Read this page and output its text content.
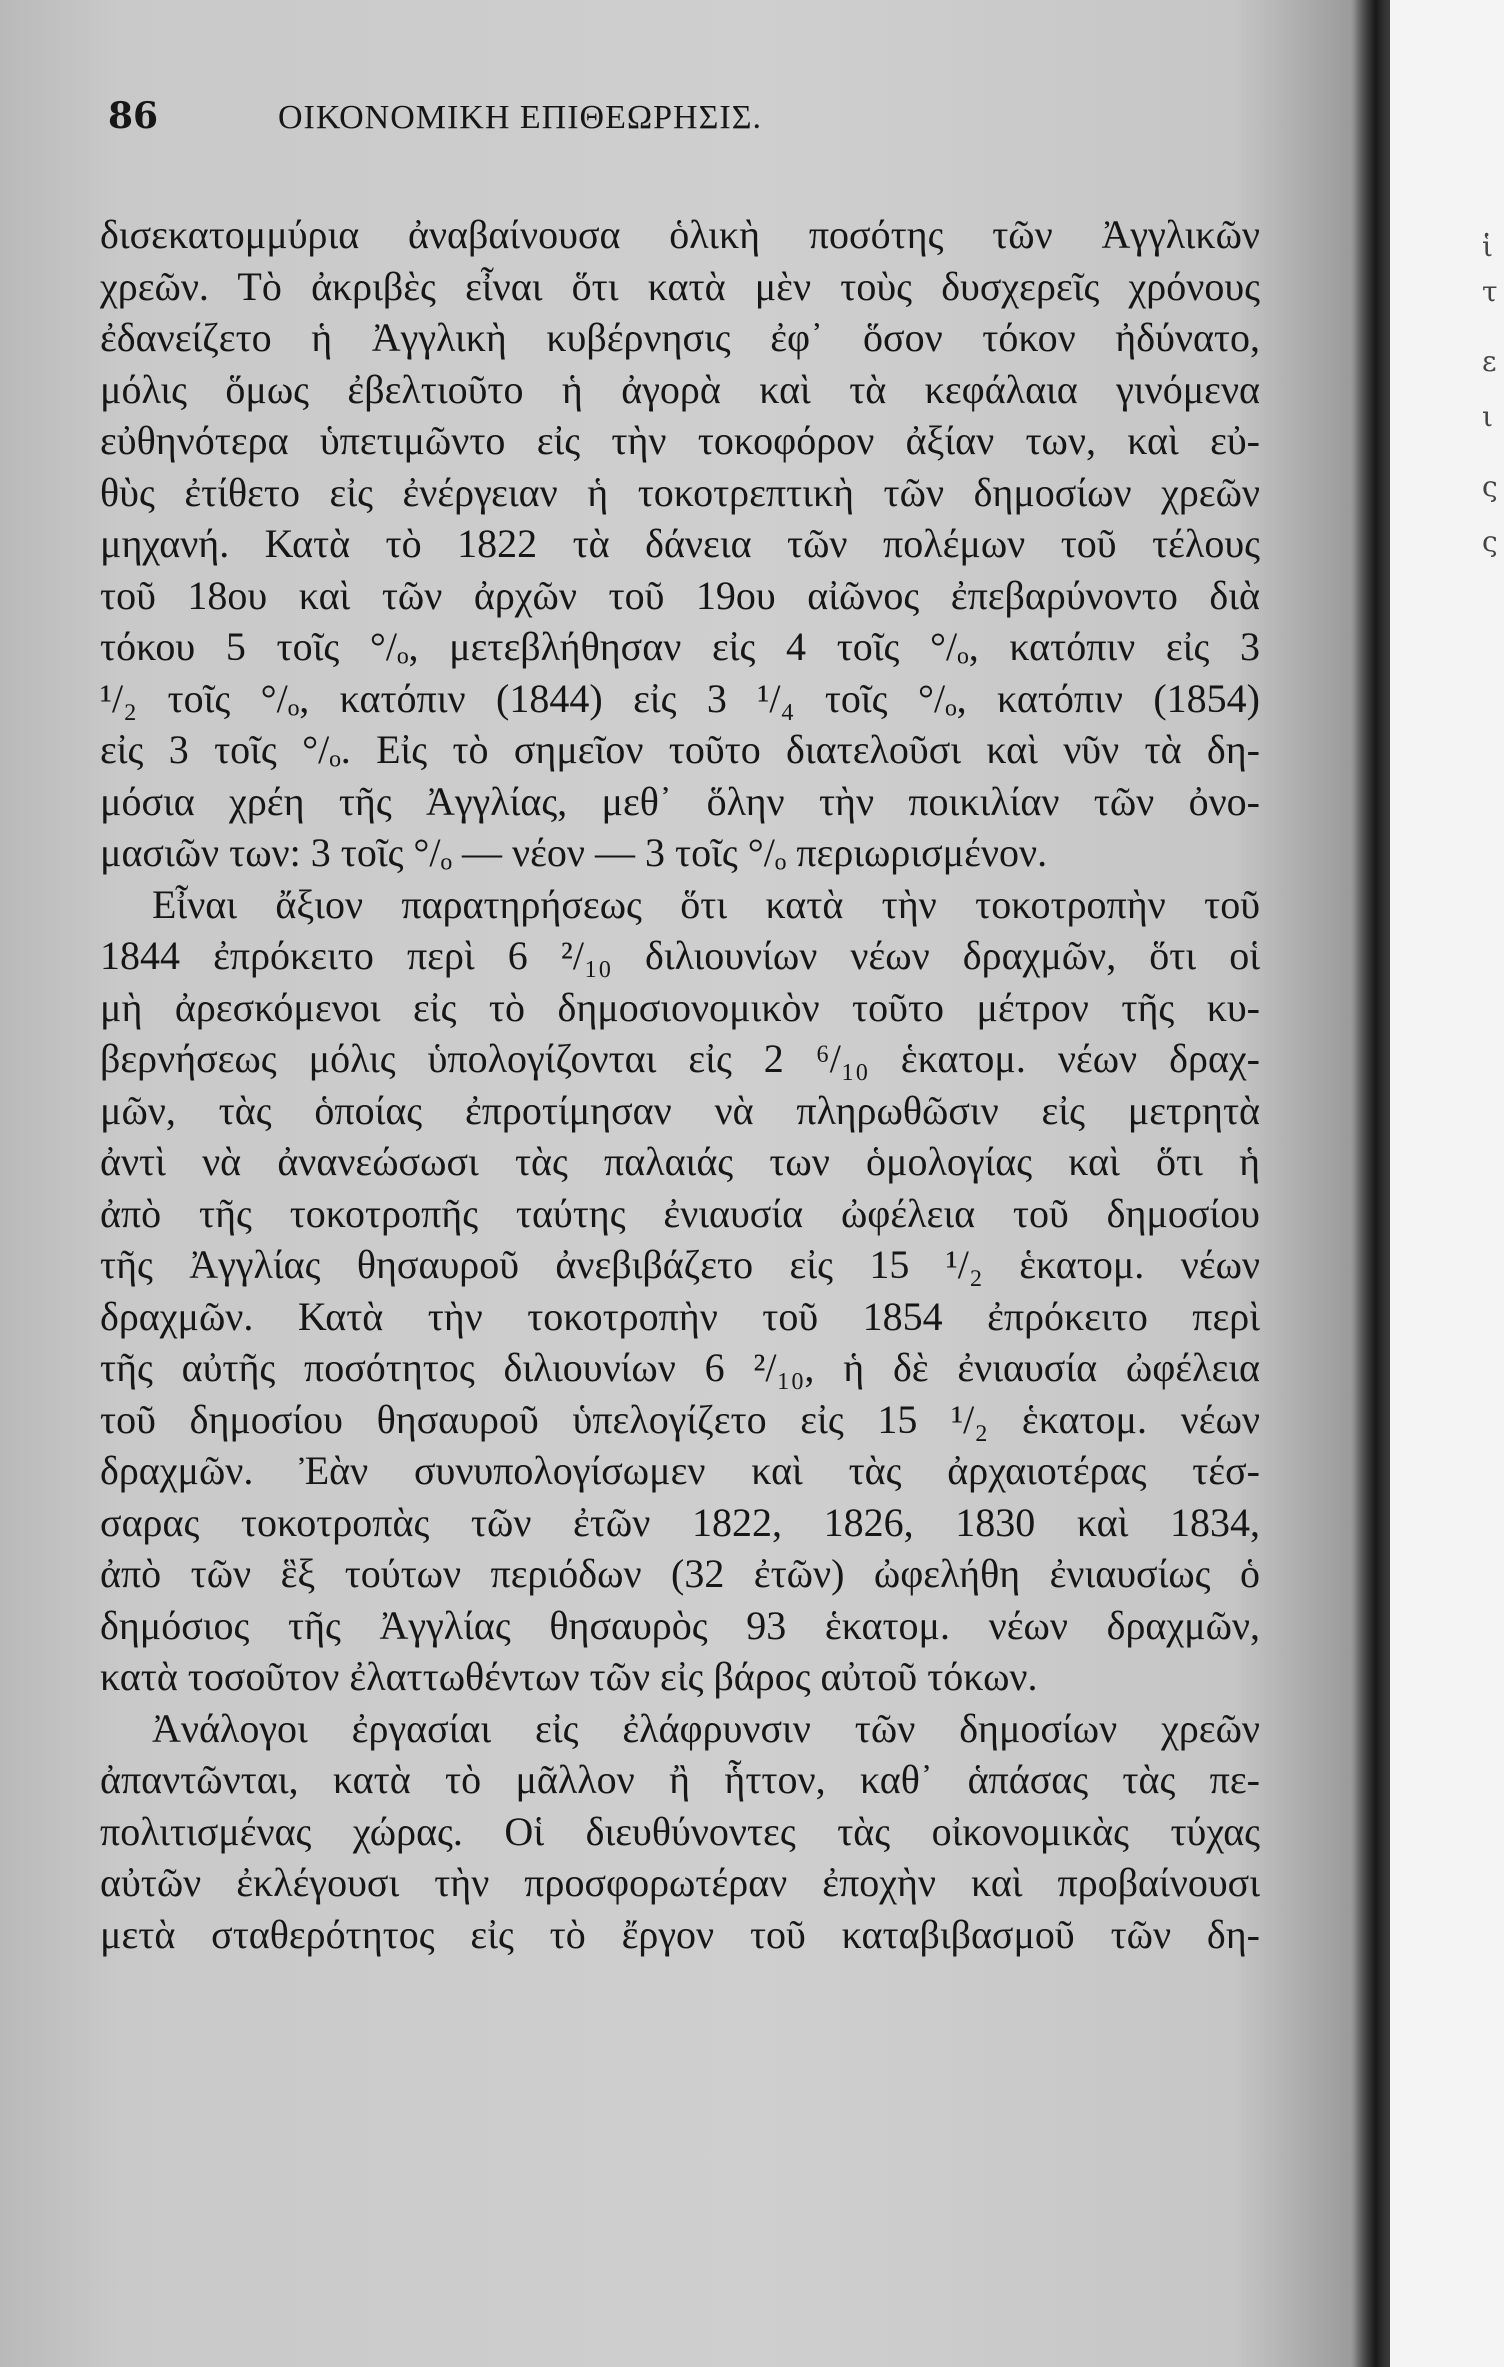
ἱ
τ
ε
ι
ς
ς
86	ΟΙΚΟΝΟΜΙΚΗ ΕΠΙΘΕΩΡΗΣΙΣ.
δισεκατομμύρια ἀναβαίνουσα ὁλικὴ ποσότης τῶν Ἀγγλικῶν
χρεῶν. Τὸ ἀκριβὲς εἶναι ὅτι κατὰ μὲν τοὺς δυσχερεῖς χρόνους
ἐδανείζετο ἡ Ἀγγλικὴ κυβέρνησις ἐφ᾽ ὅσον τόκον ἠδύνατο,
μόλις ὅμως ἐβελτιοῦτο ἡ ἀγορὰ καὶ τὰ κεφάλαια γινόμενα
εὐθηνότερα ὑπετιμῶντο εἰς τὴν τοκοφόρον ἀξίαν των, καὶ εὐ-
θὺς ἐτίθετο εἰς ἐνέργειαν ἡ τοκοτρεπτικὴ τῶν δημοσίων χρεῶν
μηχανή. Κατὰ τὸ 1822 τὰ δάνεια τῶν πολέμων τοῦ τέλους
τοῦ 18ου καὶ τῶν ἀρχῶν τοῦ 19ου αἰῶνος ἐπεβαρύνοντο διὰ
τόκου 5 τοῖς °/ₒ, μετεβλήθησαν εἰς 4 τοῖς °/ₒ, κατόπιν εἰς 3
¹/₂ τοῖς °/ₒ, κατόπιν (1844) εἰς 3 ¹/₄ τοῖς °/ₒ, κατόπιν (1854)
εἰς 3 τοῖς °/ₒ. Εἰς τὸ σημεῖον τοῦτο διατελοῦσι καὶ νῦν τὰ δη-
μόσια χρέη τῆς Ἀγγλίας, μεθ᾽ ὅλην τὴν ποικιλίαν τῶν ὀνο-
μασιῶν των: 3 τοῖς °/ₒ — νέον — 3 τοῖς °/ₒ περιωρισμένον.
Εἶναι ἄξιον παρατηρήσεως ὅτι κατὰ τὴν τοκοτροπὴν τοῦ
1844 ἐπρόκειτο περὶ 6 ²/₁₀ διλιουνίων νέων δραχμῶν, ὅτι οἱ
μὴ ἀρεσκόμενοι εἰς τὸ δημοσιονομικὸν τοῦτο μέτρον τῆς κυ-
βερνήσεως μόλις ὑπολογίζονται εἰς 2 ⁶/₁₀ ἑκατομ. νέων δραχ-
μῶν, τὰς ὁποίας ἐπροτίμησαν νὰ πληρωθῶσιν εἰς μετρητὰ
ἀντὶ νὰ ἀνανεώσωσι τὰς παλαιάς των ὁμολογίας καὶ ὅτι ἡ
ἀπὸ τῆς τοκοτροπῆς ταύτης ἐνιαυσία ὠφέλεια τοῦ δημοσίου
τῆς Ἀγγλίας θησαυροῦ ἀνεβιβάζετο εἰς 15 ¹/₂ ἑκατομ. νέων
δραχμῶν. Κατὰ τὴν τοκοτροπὴν τοῦ 1854 ἐπρόκειτο περὶ
τῆς αὐτῆς ποσότητος διλιουνίων 6 ²/₁₀, ἡ δὲ ἐνιαυσία ὠφέλεια
τοῦ δημοσίου θησαυροῦ ὑπελογίζετο εἰς 15 ¹/₂ ἑκατομ. νέων
δραχμῶν. Ἐὰν συνυπολογίσωμεν καὶ τὰς ἀρχαιοτέρας τέσ-
σαρας τοκοτροπὰς τῶν ἐτῶν 1822, 1826, 1830 καὶ 1834,
ἀπὸ τῶν ἓξ τούτων περιόδων (32 ἐτῶν) ὠφελήθη ἐνιαυσίως ὁ
δημόσιος τῆς Ἀγγλίας θησαυρὸς 93 ἑκατομ. νέων δραχμῶν,
κατὰ τοσοῦτον ἐλαττωθέντων τῶν εἰς βάρος αὐτοῦ τόκων.
Ἀνάλογοι ἐργασίαι εἰς ἐλάφρυνσιν τῶν δημοσίων χρεῶν
ἀπαντῶνται, κατὰ τὸ μᾶλλον ἢ ἧττον, καθ᾽ ἁπάσας τὰς πε-
πολιτισμένας χώρας. Οἱ διευθύνοντες τὰς οἰκονομικὰς τύχας
αὐτῶν ἐκλέγουσι τὴν προσφορωτέραν ἐποχὴν καὶ προβαίνουσι
μετὰ σταθερότητος εἰς τὸ ἔργον τοῦ καταβιβασμοῦ τῶν δη-
